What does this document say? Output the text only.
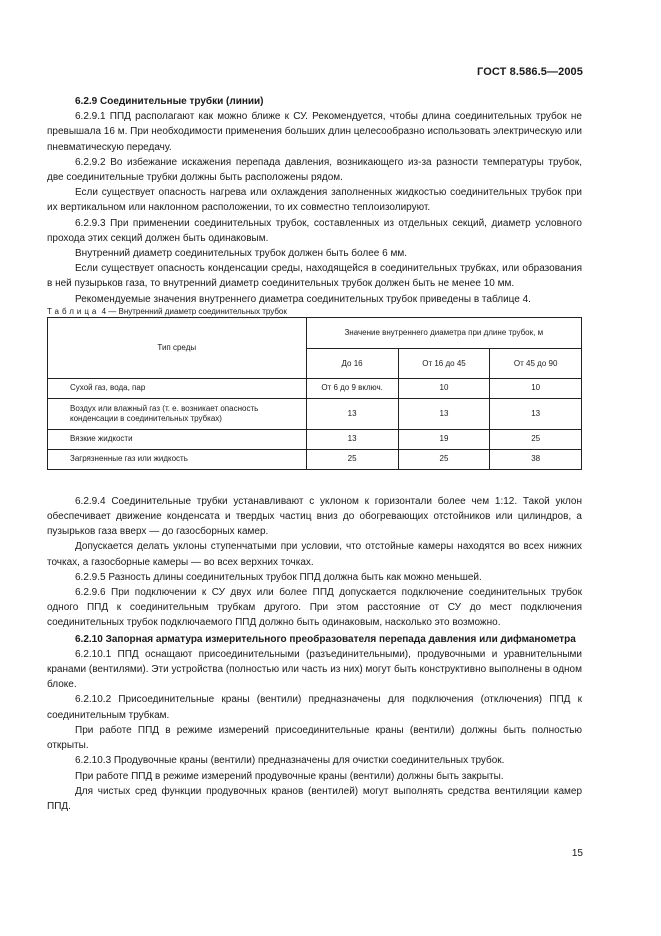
ГОСТ 8.586.5—2005

6.2.9 Соединительные трубки (линии)

6.2.9.1 ППД располагают как можно ближе к СУ. Рекомендуется, чтобы длина соединительных трубок не превышала 16 м. При необходимости применения больших длин целесообразно использовать электрическую или пневматическую передачу.

6.2.9.2 Во избежание искажения перепада давления, возникающего из-за разности температуры трубок, две соединительные трубки должны быть расположены рядом.

Если существует опасность нагрева или охлаждения заполненных жидкостью соединительных трубок при их вертикальном или наклонном расположении, то их совместно теплоизолируют.

6.2.9.3 При применении соединительных трубок, составленных из отдельных секций, диаметр условного прохода этих секций должен быть одинаковым.

Внутренний диаметр соединительных трубок должен быть более 6 мм.

Если существует опасность конденсации среды, находящейся в соединительных трубках, или образования в ней пузырьков газа, то внутренний диаметр соединительных трубок должен быть не менее 10 мм.

Рекомендуемые значения внутреннего диаметра соединительных трубок приведены в таблице 4.

Таблица 4 — Внутренний диаметр соединительных трубок

Тип среды	Значение внутреннего диаметра при длине трубок, м		
	До 16	От 16 до 45	От 45 до 90
Сухой газ, вода, пар	От 6 до 9 включ.	10	10
Воздух или влажный газ (т. е. возникает опасность конденсации в соединительных трубках)	13	13	13
Вязкие жидкости	13	19	25
Загрязненные газ или жидкость	25	25	38

6.2.9.4 Соединительные трубки устанавливают с уклоном к горизонтали более чем 1:12. Такой уклон обеспечивает движение конденсата и твердых частиц вниз до обогревающих отстойников или цилиндров, а пузырьков газа вверх — до газосборных камер.

Допускается делать уклоны ступенчатыми при условии, что отстойные камеры находятся во всех нижних точках, а газосборные камеры — во всех верхних точках.

6.2.9.5 Разность длины соединительных трубок ППД должна быть как можно меньшей.

6.2.9.6 При подключении к СУ двух или более ППД допускается подключение соединительных трубок одного ППД к соединительным трубкам другого. При этом расстояние от СУ до мест подключения соединительных трубок подключаемого ППД должно быть одинаковым, насколько это возможно.

6.2.10 Запорная арматура измерительного преобразователя перепада давления или дифманометра

6.2.10.1 ППД оснащают присоединительными (разъединительными), продувочными и уравнительными кранами (вентилями). Эти устройства (полностью или часть из них) могут быть конструктивно выполнены в одном блоке.

6.2.10.2 Присоединительные краны (вентили) предназначены для подключения (отключения) ППД к соединительным трубкам.

При работе ППД в режиме измерений присоединительные краны (вентили) должны быть полностью открыты.

6.2.10.3 Продувочные краны (вентили) предназначены для очистки соединительных трубок.

При работе ППД в режиме измерений продувочные краны (вентили) должны быть закрыты.

Для чистых сред функции продувочных кранов (вентилей) могут выполнять средства вентиляции камер ППД.

15
